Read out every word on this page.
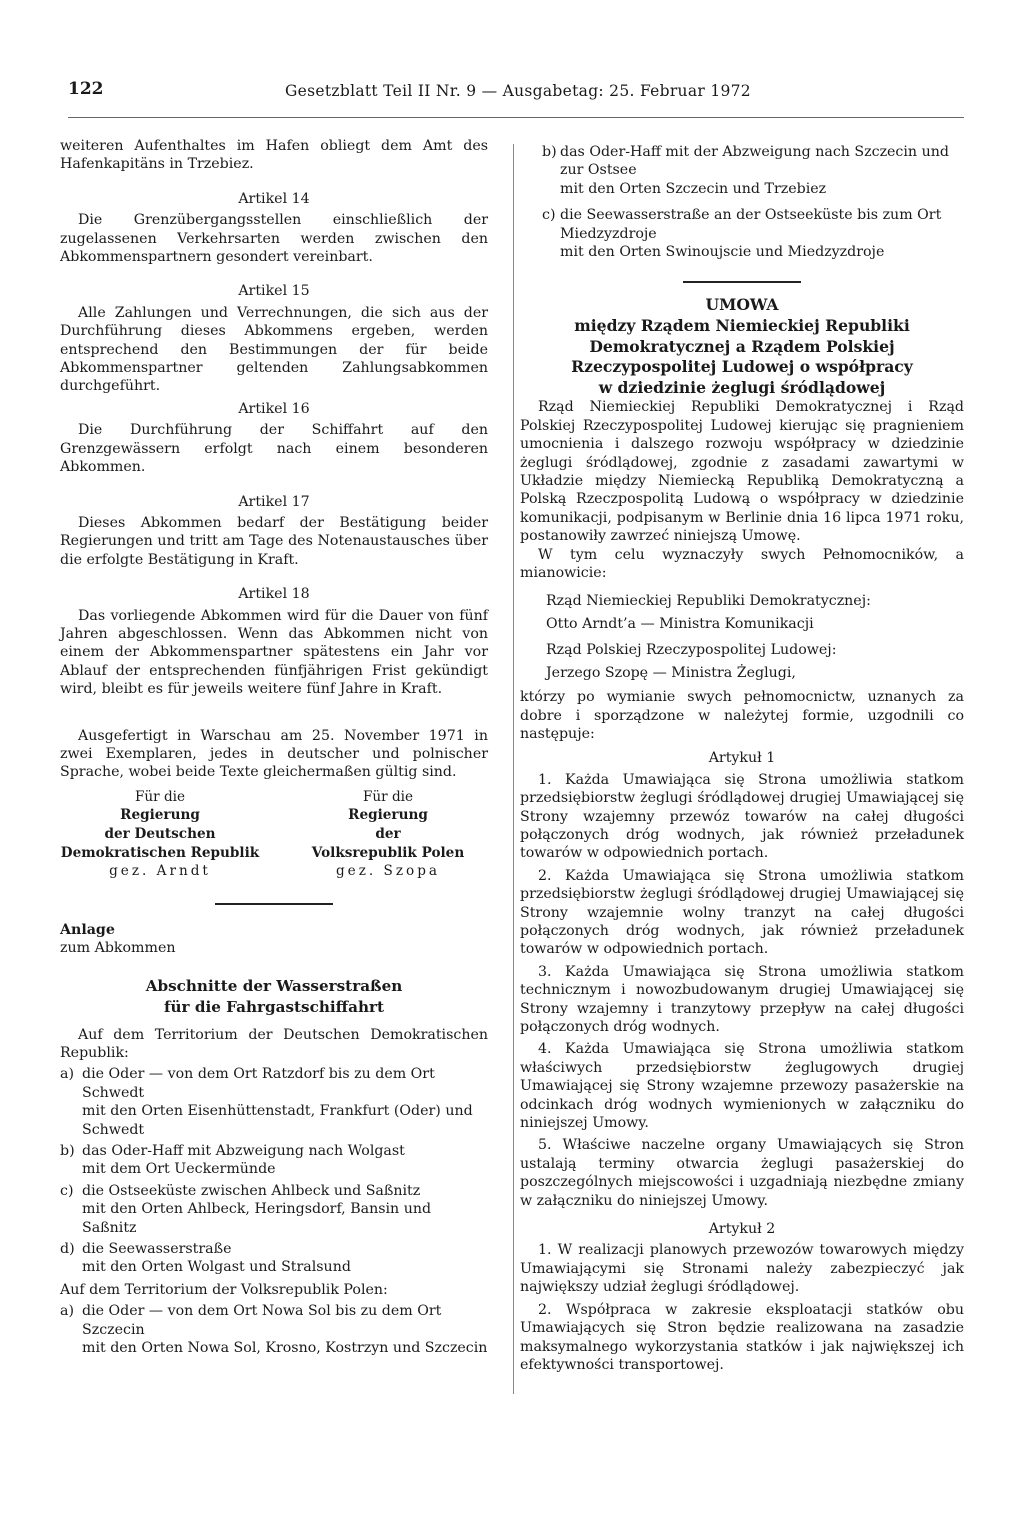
122	Gesetzblatt Teil II Nr. 9 — Ausgabetag: 25. Februar 1972

weiteren Aufenthaltes im Hafen obliegt dem Amt des Hafenkapitäns in Trzebiez.

Artikel 14

Die Grenzübergangsstellen einschließlich der zugelassenen Verkehrsarten werden zwischen den Abkommenspartnern gesondert vereinbart.

Artikel 15

Alle Zahlungen und Verrechnungen, die sich aus der Durchführung dieses Abkommens ergeben, werden entsprechend den Bestimmungen der für beide Abkommenspartner geltenden Zahlungsabkommen durchgeführt.

Artikel 16

Die Durchführung der Schiffahrt auf den Grenzgewässern erfolgt nach einem besonderen Abkommen.

Artikel 17

Dieses Abkommen bedarf der Bestätigung beider Regierungen und tritt am Tage des Notenaustausches über die erfolgte Bestätigung in Kraft.

Artikel 18

Das vorliegende Abkommen wird für die Dauer von fünf Jahren abgeschlossen. Wenn das Abkommen nicht von einem der Abkommenspartner spätestens ein Jahr vor Ablauf der entsprechenden fünfjährigen Frist gekündigt wird, bleibt es für jeweils weitere fünf Jahre in Kraft.

Ausgefertigt in Warschau am 25. November 1971 in zwei Exemplaren, jedes in deutscher und polnischer Sprache, wobei beide Texte gleichermaßen gültig sind.

Für die
Regierung
der Deutschen
Demokratischen Republik
gez. Arndt
Für die
Regierung
der
Volksrepublik Polen
gez. Szopa
Anlage
zum Abkommen
Abschnitte der Wasserstraßen
für die Fahrgastschiffahrt

Auf dem Territorium der Deutschen Demokratischen Republik:

a) die Oder — von dem Ort Ratzdorf bis zu dem Ort Schwedt
mit den Orten Eisenhüttenstadt, Frankfurt (Oder) und Schwedt
b) das Oder-Haff mit Abzweigung nach Wolgast
mit dem Ort Ueckermünde
c) die Ostseeküste zwischen Ahlbeck und Saßnitz
mit den Orten Ahlbeck, Heringsdorf, Bansin und Saßnitz
d) die Seewasserstraße
mit den Orten Wolgast und Stralsund

Auf dem Territorium der Volksrepublik Polen:

a) die Oder — von dem Ort Nowa Sol bis zu dem Ort Szczecin
mit den Orten Nowa Sol, Krosno, Kostrzyn und Szczecin
b) das Oder-Haff mit der Abzweigung nach Szczecin und zur Ostsee
mit den Orten Szczecin und Trzebiez
c) die Seewasserstraße an der Ostseeküste bis zum Ort Miedzyzdroje
mit den Orten Swinoujscie und Miedzyzdroje
UMOWA
między Rządem Niemieckiej Republiki
Demokratycznej a Rządem Polskiej
Rzeczypospolitej Ludowej o współpracy
w dziedzinie żeglugi śródlądowej

Rząd Niemieckiej Republiki Demokratycznej i Rząd Polskiej Rzeczypospolitej Ludowej kierując się pragnieniem umocnienia i dalszego rozwoju współpracy w dziedzinie żeglugi śródlądowej, zgodnie z zasadami zawartymi w Układzie między Niemiecką Republiką Demokratyczną a Polską Rzeczpospolitą Ludową o współpracy w dziedzinie komunikacji, podpisanym w Berlinie dnia 16 lipca 1971 roku, postanowiły zawrzeć niniejszą Umowę.

W tym celu wyznaczyły swych Pełnomocników, a mianowicie:

Rząd Niemieckiej Republiki Demokratycznej:
Otto Arndt’a — Ministra Komunikacji
Rząd Polskiej Rzeczypospolitej Ludowej:
Jerzego Szopę — Ministra Żeglugi,

którzy po wymianie swych pełnomocnictw, uznanych za dobre i sporządzone w należytej formie, uzgodnili co następuje:

Artykuł 1

1. Każda Umawiająca się Strona umożliwia statkom przedsiębiorstw żeglugi śródlądowej drugiej Umawiającej się Strony wzajemny przewóz towarów na całej długości połączonych dróg wodnych, jak również przeładunek towarów w odpowiednich portach.

2. Każda Umawiająca się Strona umożliwia statkom przedsiębiorstw żeglugi śródlądowej drugiej Umawiającej się Strony wzajemnie wolny tranzyt na całej długości połączonych dróg wodnych, jak również przeładunek towarów w odpowiednich portach.

3. Każda Umawiająca się Strona umożliwia statkom technicznym i nowozbudowanym drugiej Umawiającej się Strony wzajemny i tranzytowy przepływ na całej długości połączonych dróg wodnych.

4. Każda Umawiająca się Strona umożliwia statkom właściwych przedsiębiorstw żeglugowych drugiej Umawiającej się Strony wzajemne przewozy pasażerskie na odcinkach dróg wodnych wymienionych w załączniku do niniejszej Umowy.

5. Właściwe naczelne organy Umawiających się Stron ustalają terminy otwarcia żeglugi pasażerskiej do poszczególnych miejscowości i uzgadniają niezbędne zmiany w załączniku do niniejszej Umowy.

Artykuł 2

1. W realizacji planowych przewozów towarowych między Umawiającymi się Stronami należy zabezpieczyć jak największy udział żeglugi śródlądowej.

2. Współpraca w zakresie eksploatacji statków obu Umawiających się Stron będzie realizowana na zasadzie maksymalnego wykorzystania statków i jak największej ich efektywności transportowej.
